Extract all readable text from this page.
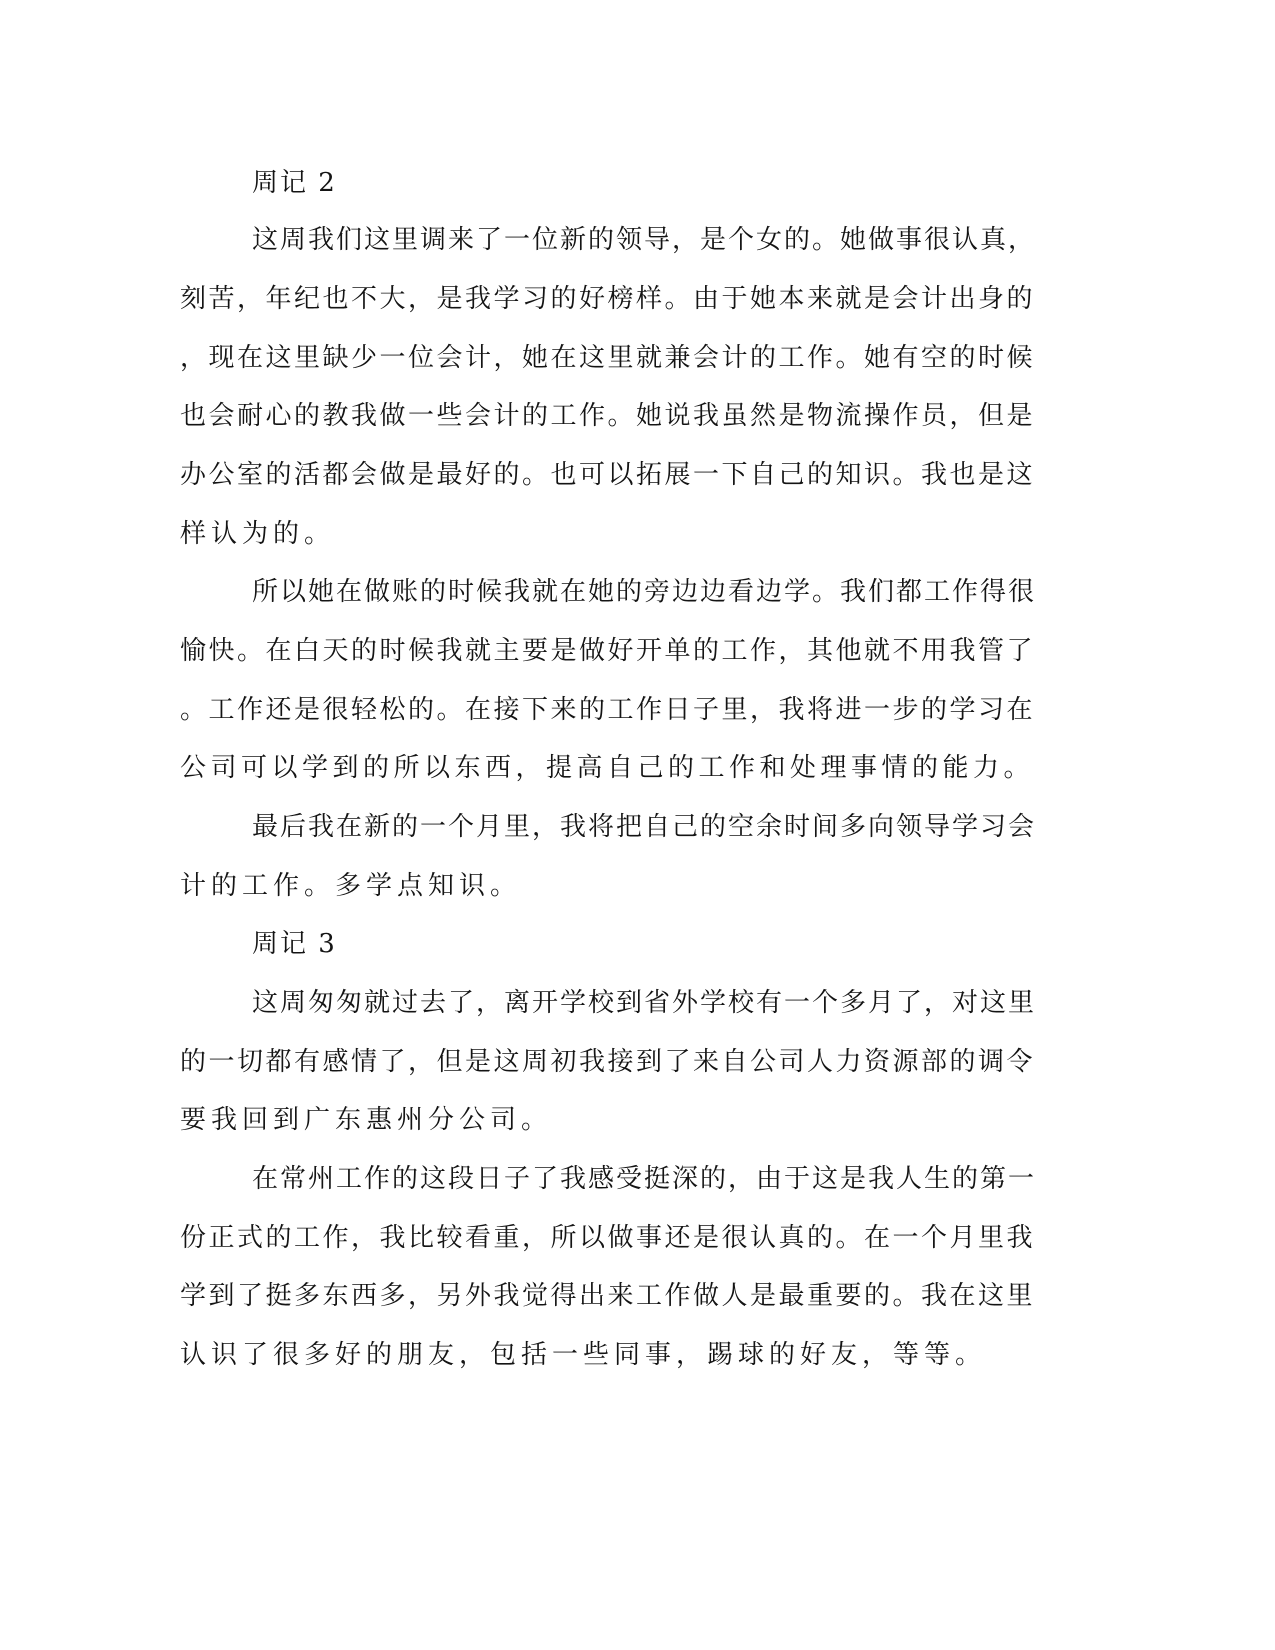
周记 2

这周我们这里调来了一位新的领导，是个女的。她做事很认真，

刻苦，年纪也不大，是我学习的好榜样。由于她本来就是会计出身的

，现在这里缺少一位会计，她在这里就兼会计的工作。她有空的时候

也会耐心的教我做一些会计的工作。她说我虽然是物流操作员，但是

办公室的活都会做是最好的。也可以拓展一下自己的知识。我也是这

样认为的。

所以她在做账的时候我就在她的旁边边看边学。我们都工作得很

愉快。在白天的时候我就主要是做好开单的工作，其他就不用我管了

。工作还是很轻松的。在接下来的工作日子里，我将进一步的学习在

公司可以学到的所以东西，提高自己的工作和处理事情的能力。

最后我在新的一个月里，我将把自己的空余时间多向领导学习会

计的工作。多学点知识。

周记 3

这周匆匆就过去了，离开学校到省外学校有一个多月了，对这里

的一切都有感情了，但是这周初我接到了来自公司人力资源部的调令

要我回到广东惠州分公司。

在常州工作的这段日子了我感受挺深的，由于这是我人生的第一

份正式的工作，我比较看重，所以做事还是很认真的。在一个月里我

学到了挺多东西多，另外我觉得出来工作做人是最重要的。我在这里

认识了很多好的朋友，包括一些同事，踢球的好友，等等。
